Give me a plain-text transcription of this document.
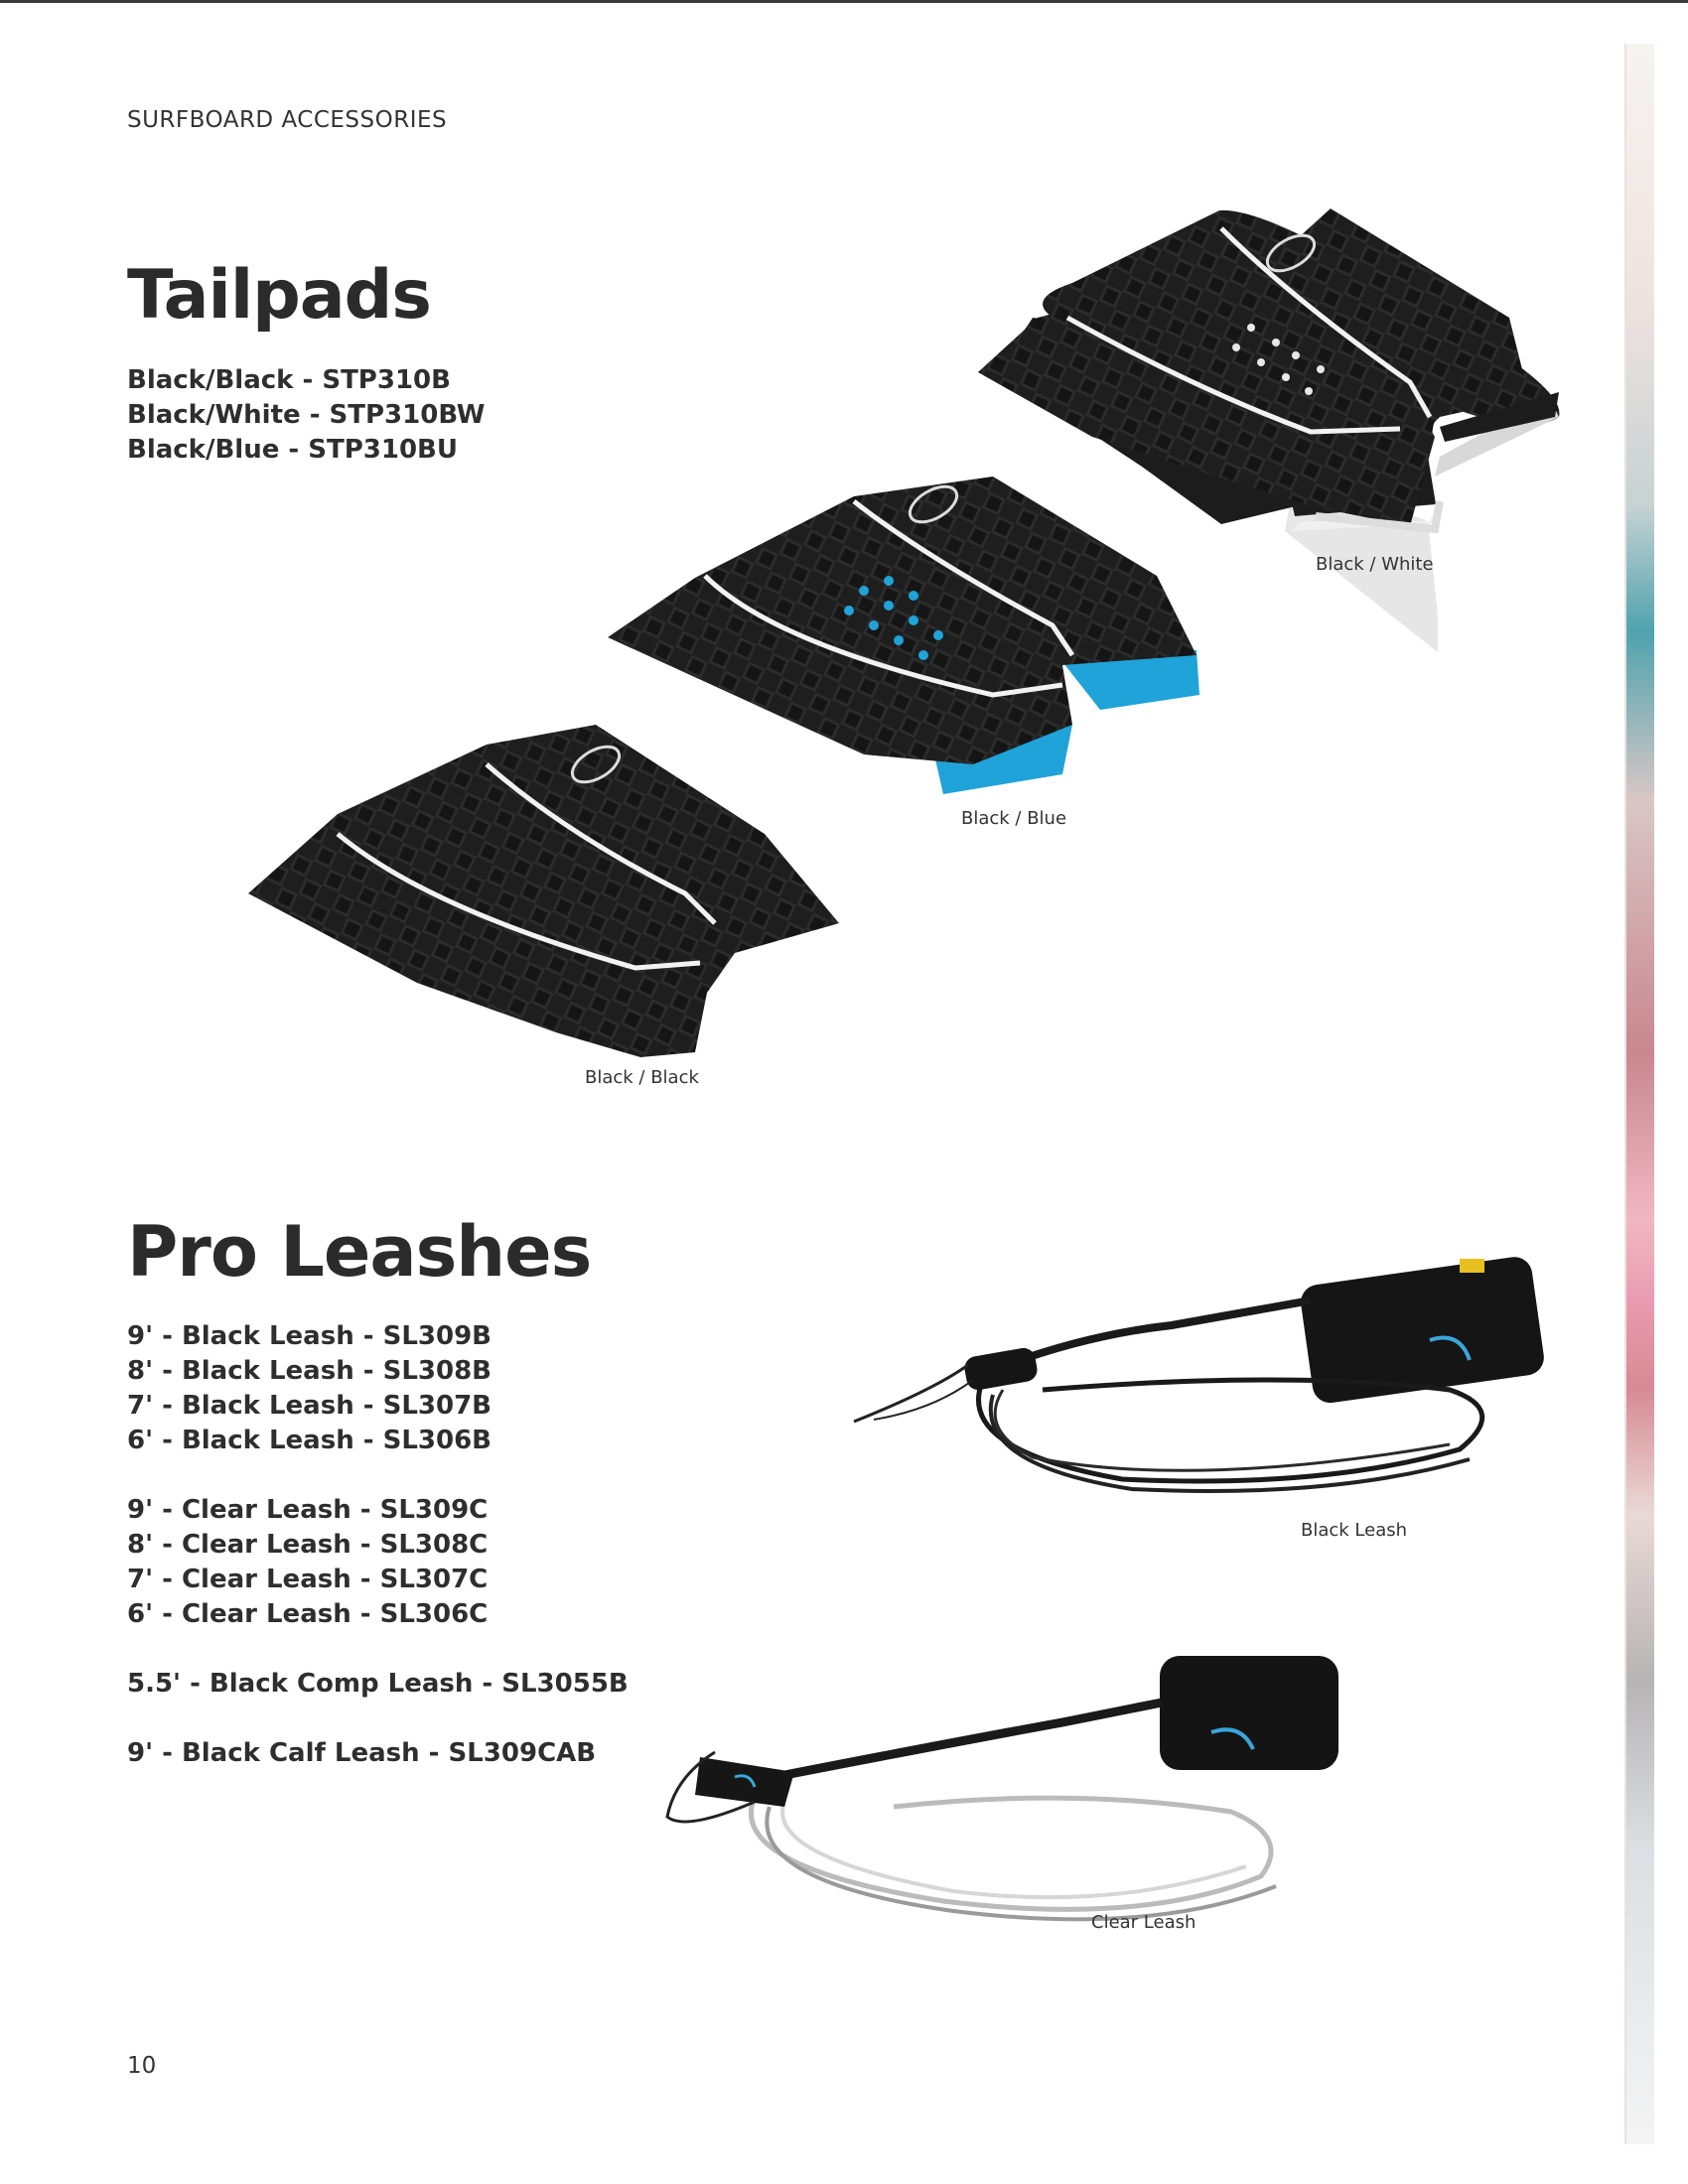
SURFBOARD ACCESSORIES
Tailpads
Black/Black - STP310B
Black/White - STP310BW
Black/Blue - STP310BU
Black / White
Black / Blue
Black / Black
Pro Leashes
9' - Black Leash - SL309B
8' - Black Leash - SL308B
7' - Black Leash - SL307B
6' - Black Leash - SL306B
9' - Clear Leash - SL309C
8' - Clear Leash - SL308C
7' - Clear Leash - SL307C
6' - Clear Leash - SL306C
5.5' - Black Comp Leash - SL3055B
9' - Black Calf Leash - SL309CAB
Black Leash
Clear Leash
10
